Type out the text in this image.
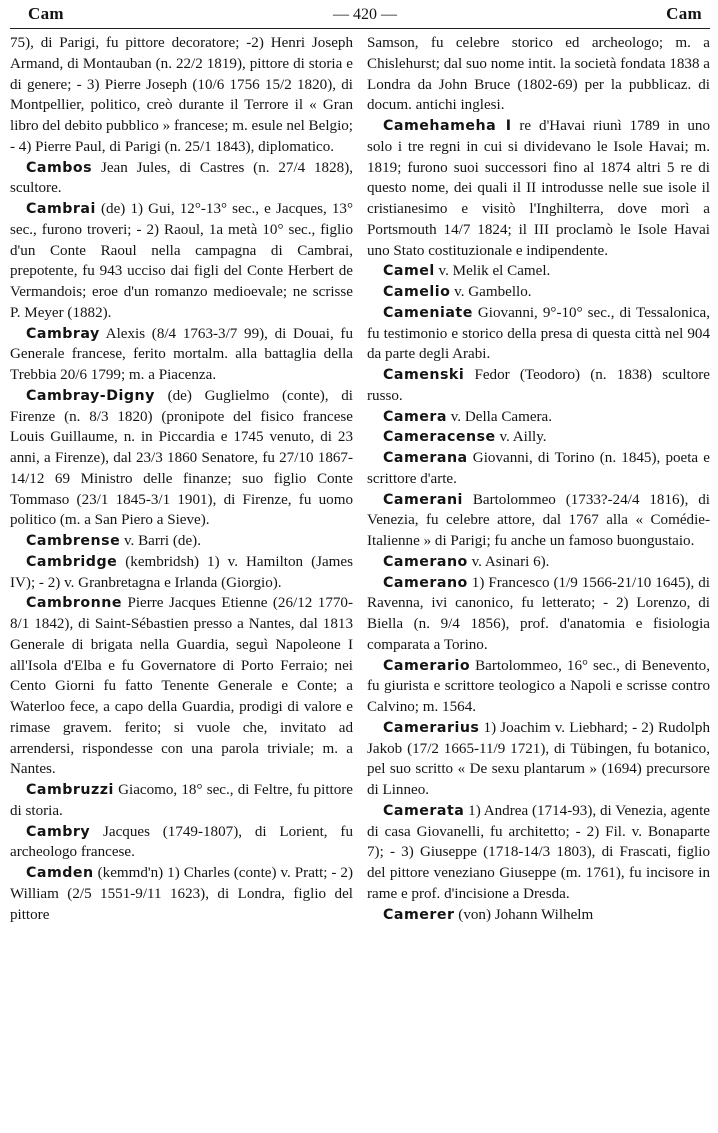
Cam	— 420 —	Cam

75), di Parigi, fu pittore decoratore; -2) Henri Joseph Armand, di Montauban (n. 22/2 1819), pittore di storia e di genere; - 3) Pierre Joseph (10/6 1756 15/2 1820), di Montpellier, politico, creò durante il Terrore il « Gran libro del debito pubblico » francese; m. esule nel Belgio; - 4) Pierre Paul, di Parigi (n. 25/1 1843), diplomatico.

Cambos Jean Jules, di Castres (n. 27/4 1828), scultore.

Cambrai (de) 1) Gui, 12°-13° sec., e Jacques, 13° sec., furono troveri; - 2) Raoul, 1a metà 10° sec., figlio d'un Conte Raoul nella campagna di Cambrai, prepotente, fu 943 ucciso dai figli del Conte Herbert de Vermandois; eroe d'un romanzo medioevale; ne scrisse P. Meyer (1882).

Cambray Alexis (8/4 1763-3/7 99), di Douai, fu Generale francese, ferito mortalm. alla battaglia della Trebbia 20/6 1799; m. a Piacenza.

Cambray-Digny (de) Guglielmo (conte), di Firenze (n. 8/3 1820) (pronipote del fisico francese Louis Guillaume, n. in Piccardia e 1745 venuto, di 23 anni, a Firenze), dal 23/3 1860 Senatore, fu 27/10 1867-14/12 69 Ministro delle finanze; suo figlio Conte Tommaso (23/1 1845-3/1 1901), di Firenze, fu uomo politico (m. a San Piero a Sieve).

Cambrense v. Barri (de).

Cambridge (kembridsh) 1) v. Hamilton (James IV); - 2) v. Granbretagna e Irlanda (Giorgio).

Cambronne Pierre Jacques Etienne (26/12 1770-8/1 1842), di Saint-Sébastien presso a Nantes, dal 1813 Generale di brigata nella Guardia, seguì Napoleone I all'Isola d'Elba e fu Governatore di Porto Ferraio; nei Cento Giorni fu fatto Tenente Generale e Conte; a Waterloo fece, a capo della Guardia, prodigi di valore e rimase gravem. ferito; si vuole che, invitato ad arrendersi, rispondesse con una parola triviale; m. a Nantes.

Cambruzzi Giacomo, 18° sec., di Feltre, fu pittore di storia.

Cambry Jacques (1749-1807), di Lorient, fu archeologo francese.

Camden (kemmd'n) 1) Charles (conte) v. Pratt; - 2) William (2/5 1551-9/11 1623), di Londra, figlio del pittore

Samson, fu celebre storico ed archeologo; m. a Chislehurst; dal suo nome intit. la società fondata 1838 a Londra da John Bruce (1802-69) per la pubblicaz. di docum. antichi inglesi.

Camehameha I re d'Havai riunì 1789 in uno solo i tre regni in cui si dividevano le Isole Havai; m. 1819; furono suoi successori fino al 1874 altri 5 re di questo nome, dei quali il II introdusse nelle sue isole il cristianesimo e visitò l'Inghilterra, dove morì a Portsmouth 14/7 1824; il III proclamò le Isole Havai uno Stato costituzionale e indipendente.

Camel v. Melik el Camel.

Camelio v. Gambello.

Cameniate Giovanni, 9°-10° sec., di Tessalonica, fu testimonio e storico della presa di questa città nel 904 da parte degli Arabi.

Camenski Fedor (Teodoro) (n. 1838) scultore russo.

Camera v. Della Camera.

Cameracense v. Ailly.

Camerana Giovanni, di Torino (n. 1845), poeta e scrittore d'arte.

Camerani Bartolommeo (1733?-24/4 1816), di Venezia, fu celebre attore, dal 1767 alla « Comédie-Italienne » di Parigi; fu anche un famoso buongustaio.

Camerano v. Asinari 6).

Camerano 1) Francesco (1/9 1566-21/10 1645), di Ravenna, ivi canonico, fu letterato; - 2) Lorenzo, di Biella (n. 9/4 1856), prof. d'anatomia e fisiologia comparata a Torino.

Camerario Bartolommeo, 16° sec., di Benevento, fu giurista e scrittore teologico a Napoli e scrisse contro Calvino; m. 1564.

Camerarius 1) Joachim v. Liebhard; - 2) Rudolph Jakob (17/2 1665-11/9 1721), di Tübingen, fu botanico, pel suo scritto « De sexu plantarum » (1694) precursore di Linneo.

Camerata 1) Andrea (1714-93), di Venezia, agente di casa Giovanelli, fu architetto; - 2) Fil. v. Bonaparte 7); - 3) Giuseppe (1718-14/3 1803), di Frascati, figlio del pittore veneziano Giuseppe (m. 1761), fu incisore in rame e prof. d'incisione a Dresda.

Camerer (von) Johann Wilhelm
